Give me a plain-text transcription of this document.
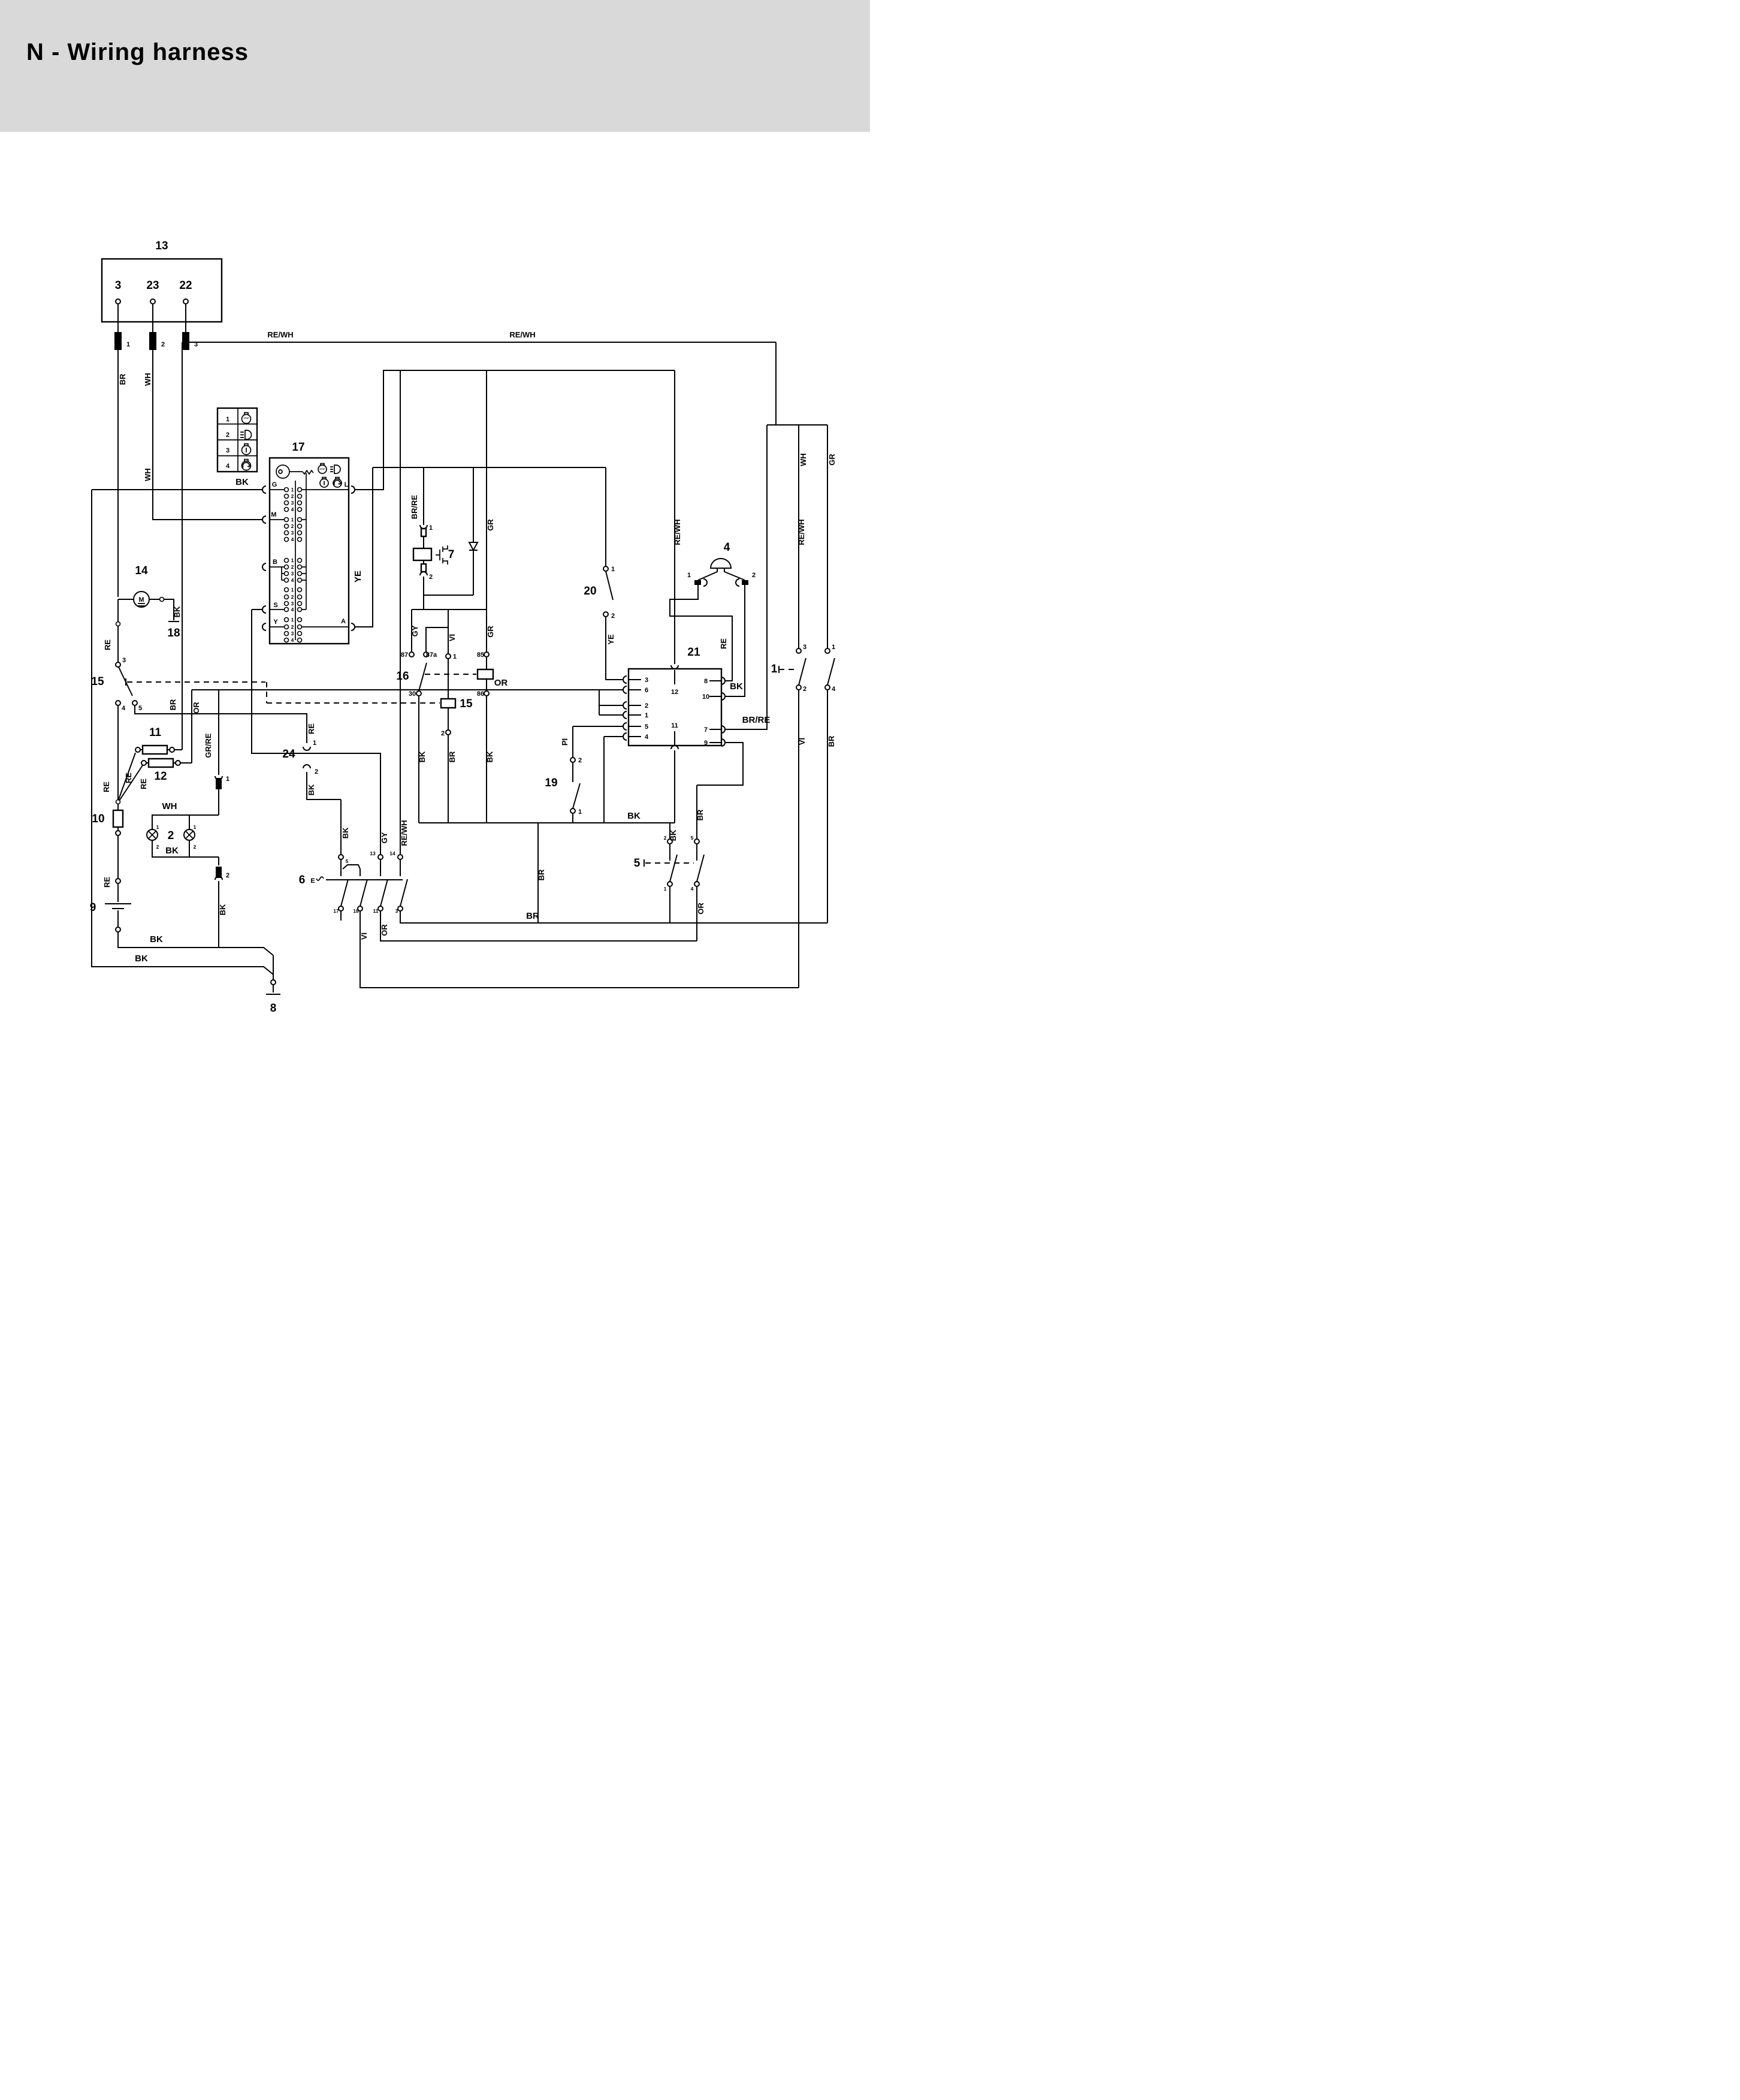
N - Wiring harness
13
3 23 22
1	2	3
BR WH
WH
RE/WH	RE/WH
1
2
3
4
STOP
STOP
17
G
M
B
S
Y
1
2
3
4
1
2
3
4
1
2
3
4
1
2
3
4
1
2
3
4
A
L
BK
YE
14
M
BK
18
RE
15
3
4 5
11
12
10
9
RE
RE
RE
RE
BR OR
GR/RE
1
2
BK
WH
2
BK
1
2
1
2
BK
BK
8
24
RE
1
2
BK
6 E
5
13	14
17	18	11	3
BK	GY RE/WH
VI
OR
5
2	5
1	4
BK
BR
OR
BR
BR
7
1
2
BR/RE
GY
GR
GR
16
87	87a
30
85
86
15
1
2
VI
BK	BR	BK
OR
19
2
1
PI
BK
20
1
2
YE
4
1	2
RE
BK
21
3
6
2
1
5
4
12
11
8
10
7
9
BR/RE
1
3	1
2	4
VI	BR
WH	GR
RE/WH
RE/WH
